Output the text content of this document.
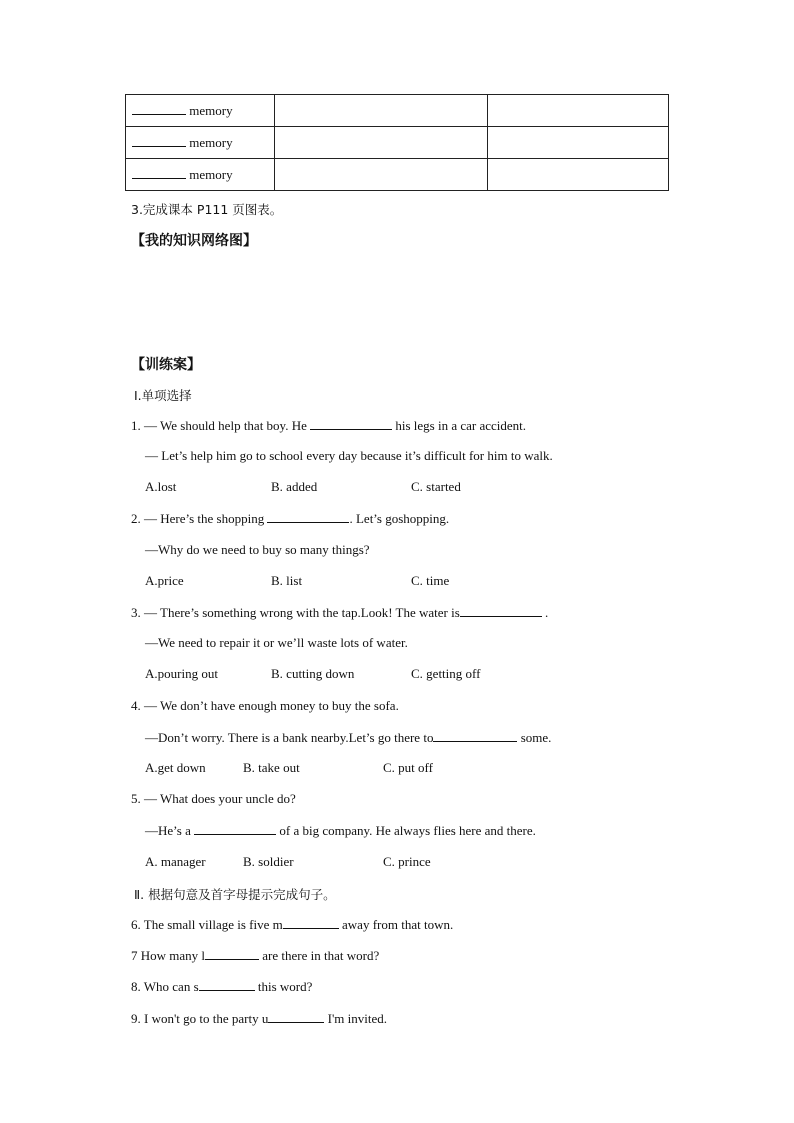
memory		
memory		
memory		
3.完成课本 P111 页图表。
【我的知识网络图】
【训练案】
Ⅰ.单项选择
1. — We should help that boy. He	his legs in a car accident.
— Let’s help him go to school every day because it’s difficult for him to walk.
A.lost	B. added	C. started
2. — Here’s the shopping	. Let’s goshopping.
—Why do we need to buy so many things?
A.price	B. list	C. time
3. — There’s something wrong with the tap.Look! The water is	.
—We need to repair it or we’ll waste lots of water.
A.pouring out	B. cutting down	C. getting off
4. — We don’t have enough money to buy the sofa.
—Don’t worry. There is a bank nearby.Let’s go there to	some.
A.get down	B. take out	C. put off
5. — What does your uncle do?
—He’s a	of a big company. He always flies here and there.
A. manager	B. soldier	C. prince
Ⅱ. 根据句意及首字母提示完成句子。
6. The small village is five m	away from that town.
7 How many l	are there in that word?
8. Who can s	this word?
9. I won't go to the party u	I'm invited.
